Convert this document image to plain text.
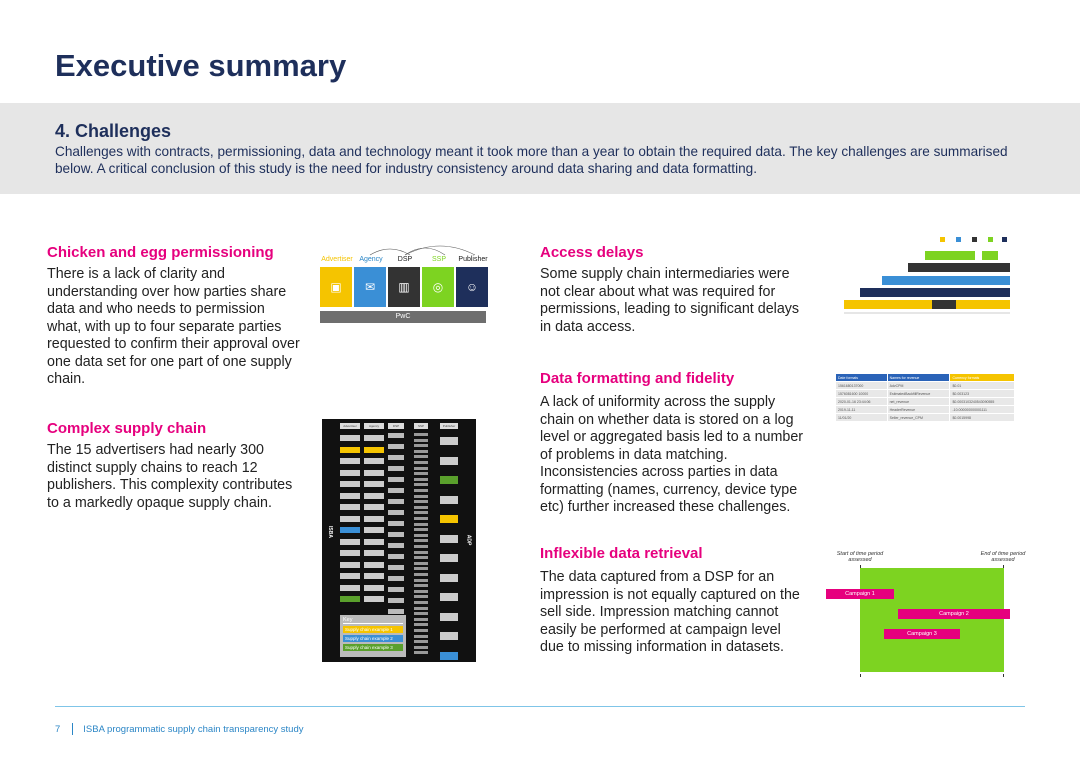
Executive summary
4. Challenges

Challenges with contracts, permissioning, data and technology meant it took more than a year to obtain the required data. The key challenges are summarised below. A critical conclusion of this study is the need for industry consistency around data sharing and data formatting.

Chicken and egg permissioning

There is a lack of clarity and understanding over how parties share data and who needs to permission what, with up to four separate parties requested to confirm their approval over one data set for one part of one supply chain.

Complex supply chain

The 15 advertisers had nearly 300 distinct supply chains to reach 12 publishers. This complexity contributes to a markedly opaque supply chain.

Advertiser Agency	DSP	SSP	Publisher
▣	✉	▥	◎	☺
PwC
ISBA
ADP
Advertiser	Agency	DSP	SSP	Publisher
Key
Supply chain example 1
Supply chain example 2
Supply chain example 3
Access delays

Some supply chain intermediaries were not clear about what was required for permissions, leading to significant delays in data access.

Data formatting and fidelity

A lack of uniformity across the supply chain on whether data is stored on a log level or aggregated basis led to a number of problems in data matching. Inconsistencies across parties in data formatting (names, currency, device type etc) further increased these challenges.

Inflexible data retrieval

The data captured from a DSP for an impression is not equally captured on the sell side. Impression matching cannot easily be performed at campaign level due to missing information in datasets.

Date formats	Names for revenue	Currency formats
1561680137000	AdvCPM	$0.01
1576081600 10000	EstimatedBackfillRevenue	$0.003123
2020-01-16 23:44:06	net_revenue	$0.0003103240543090555
2019-11-11	HeaderRevenue	-10.000000000001111
11/01/20	Seller_revenue_CPM	$0.0015998
Start of time period assessed
End of time period assessed
Campaign 1
Campaign 2
Campaign 3
7 ISBA programmatic supply chain transparency study
